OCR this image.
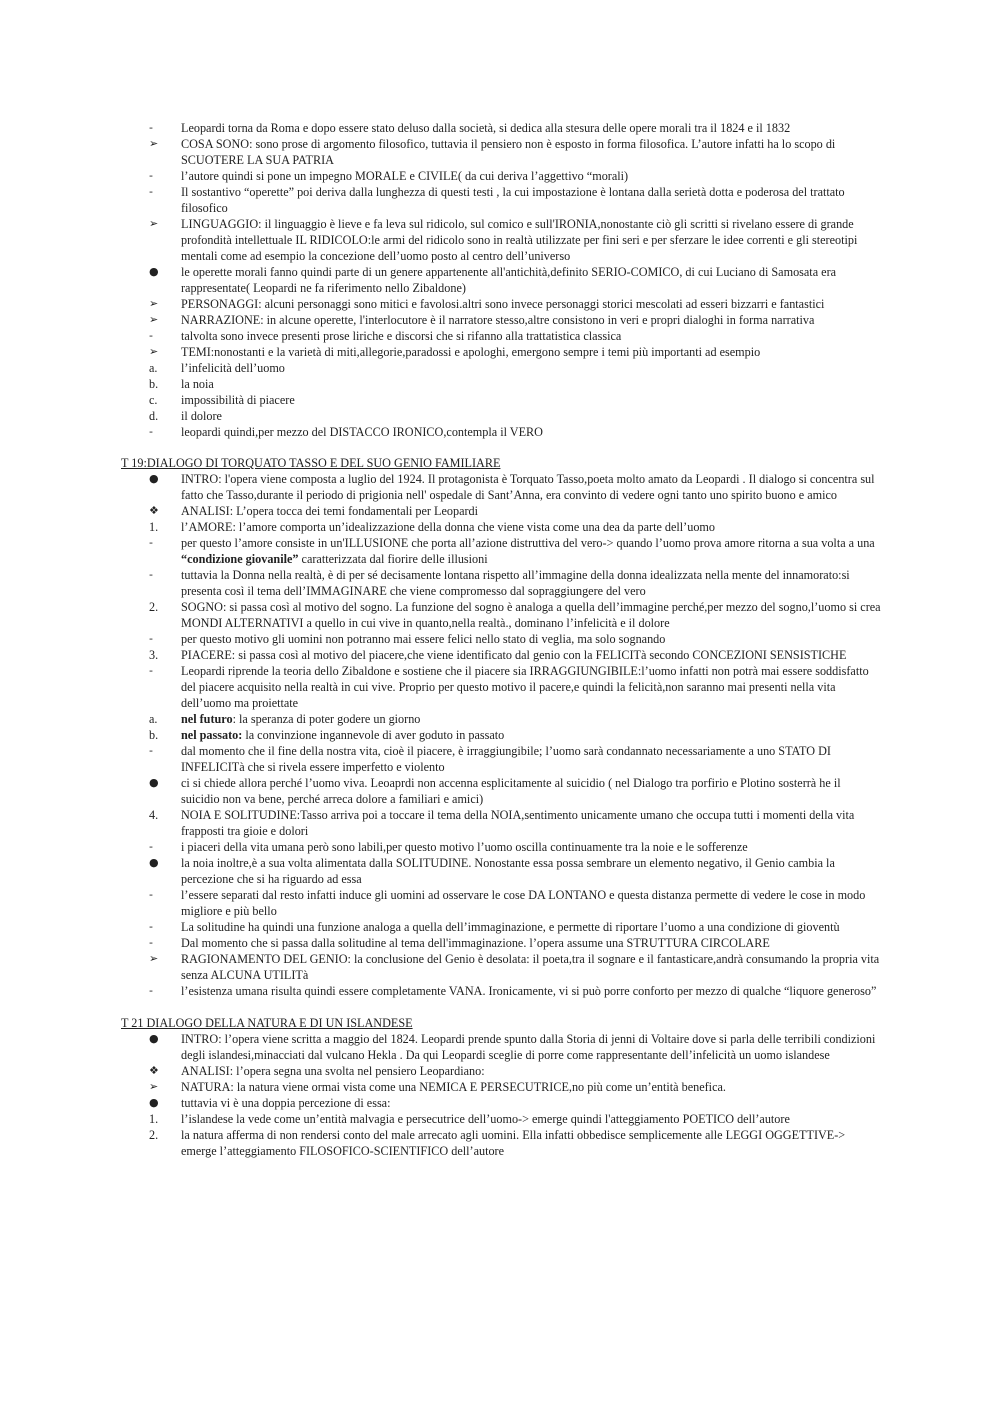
-	Leopardi torna da Roma e dopo essere stato deluso dalla società, si dedica alla stesura delle opere morali tra il 1824 e il 1832
➢	COSA SONO: sono prose di argomento filosofico, tuttavia il pensiero non è esposto in forma filosofica. L’autore infatti ha lo scopo di SCUOTERE LA SUA PATRIA
-	l’autore quindi si pone un impegno MORALE e CIVILE( da cui deriva l’aggettivo “morali)
-	Il sostantivo “operette” poi deriva dalla lunghezza di questi testi , la cui impostazione è lontana dalla serietà dotta e poderosa del trattato filosofico
➢	LINGUAGGIO: il linguaggio è lieve e fa leva sul ridicolo, sul comico e sull'IRONIA,nonostante ciò gli scritti si rivelano essere di grande profondità intellettuale IL RIDICOLO:le armi del ridicolo sono in realtà utilizzate per fini seri e per sferzare le idee correnti e gli stereotipi mentali come ad esempio la concezione dell’uomo posto al centro dell’universo
●	le operette morali fanno quindi parte di un genere appartenente all'antichità,definito SERIO-COMICO, di cui Luciano di Samosata era rappresentate( Leopardi ne fa riferimento nello Zibaldone)
➢	PERSONAGGI: alcuni personaggi sono mitici e favolosi.altri sono invece personaggi storici mescolati ad esseri bizzarri e fantastici
➢	NARRAZIONE: in alcune operette, l'interlocutore è il narratore stesso,altre consistono in veri e propri dialoghi in forma narrativa
-	talvolta sono invece presenti prose liriche e discorsi che si rifanno alla trattatistica classica
➢	TEMI:nonostanti e la varietà di miti,allegorie,paradossi e apologhi, emergono sempre i temi più importanti ad esempio
a.	l’infelicità dell’uomo
b.	la noia
c.	impossibilità di piacere
d.	il dolore
-	leopardi quindi,per mezzo del DISTACCO IRONICO,contempla il VERO
T 19:DIALOGO DI TORQUATO TASSO E DEL SUO GENIO FAMILIARE
●	INTRO: l'opera viene composta a luglio del 1924. Il protagonista è Torquato Tasso,poeta molto amato da Leopardi . Il dialogo si concentra sul fatto che Tasso,durante il periodo di prigionia nell' ospedale di Sant’Anna, era convinto di vedere ogni tanto uno spirito buono e amico
❖	ANALISI: L’opera tocca dei temi fondamentali per Leopardi
1.	l’AMORE: l’amore comporta un’idealizzazione della donna che viene vista come una dea da parte dell’uomo
-	per questo l’amore consiste in un'ILLUSIONE che porta all’azione distruttiva del vero-> quando l’uomo prova amore ritorna a sua volta a una “condizione giovanile” caratterizzata dal fiorire delle illusioni
-	tuttavia la Donna nella realtà, è di per sé decisamente lontana rispetto all’immagine della donna idealizzata nella mente del innamorato:si presenta così il tema dell’IMMAGINARE che viene compromesso dal sopraggiungere del vero
2.	SOGNO: si passa così al motivo del sogno. La funzione del sogno è analoga a quella dell’immagine perché,per mezzo del sogno,l’uomo si crea MONDI ALTERNATIVI a quello in cui vive in quanto,nella realtà., dominano l’infelicità e il dolore
-	per questo motivo gli uomini non potranno mai essere felici nello stato di veglia, ma solo sognando
3.	PIACERE: si passa così al motivo del piacere,che viene identificato dal genio con la FELICITà secondo CONCEZIONI SENSISTICHE
-	Leopardi riprende la teoria dello Zibaldone e sostiene che il piacere sia IRRAGGIUNGIBILE:l’uomo infatti non potrà mai essere soddisfatto del piacere acquisito nella realtà in cui vive. Proprio per questo motivo il pacere,e quindi la felicità,non saranno mai presenti nella vita dell’uomo ma proiettate
a.	nel futuro: la speranza di poter godere un giorno
b.	nel passato: la convinzione ingannevole di aver goduto in passato
-	dal momento che il fine della nostra vita, cioè il piacere, è irraggiungibile; l’uomo sarà condannato necessariamente a uno STATO DI INFELICITà che si rivela essere imperfetto e violento
●	ci si chiede allora perché l’uomo viva. Leoaprdi non accenna esplicitamente al suicidio ( nel Dialogo tra porfirio e Plotino sosterrà he il suicidio non va bene, perché arreca dolore a familiari e amici)
4.	NOIA E SOLITUDINE:Tasso arriva poi a toccare il tema della NOIA,sentimento unicamente umano che occupa tutti i momenti della vita frapposti tra gioie e dolori
-	i piaceri della vita umana però sono labili,per questo motivo l’uomo oscilla continuamente tra la noie e le sofferenze
●	la noia inoltre,è a sua volta alimentata dalla SOLITUDINE. Nonostante essa possa sembrare un elemento negativo, il Genio cambia la percezione che si ha riguardo ad essa
-	l’essere separati dal resto infatti induce gli uomini ad osservare le cose DA LONTANO e questa distanza permette di vedere le cose in modo migliore e più bello
-	La solitudine ha quindi una funzione analoga a quella dell’immaginazione, e permette di riportare l’uomo a una condizione di gioventù
-	Dal momento che si passa dalla solitudine al tema dell'immaginazione. l’opera assume una STRUTTURA CIRCOLARE
➢	RAGIONAMENTO DEL GENIO: la conclusione del Genio è desolata: il poeta,tra il sognare e il fantasticare,andrà consumando la propria vita senza ALCUNA UTILITà
-	l’esistenza umana risulta quindi essere completamente VANA. Ironicamente, vi si può porre conforto per mezzo di qualche “liquore generoso”
T 21 DIALOGO DELLA NATURA E DI UN ISLANDESE
●	INTRO: l’opera viene scritta a maggio del 1824. Leopardi prende spunto dalla Storia di jenni di Voltaire dove si parla delle terribili condizioni degli islandesi,minacciati dal vulcano Hekla . Da qui Leopardi sceglie di porre come rappresentante dell’infelicità un uomo islandese
❖	ANALISI: l’opera segna una svolta nel pensiero Leopardiano:
➢	NATURA: la natura viene ormai vista come una NEMICA E PERSECUTRICE,no più come un’entità benefica.
●	tuttavia vi è una doppia percezione di essa:
1.	l’islandese la vede come un’entità malvagia e persecutrice dell’uomo-> emerge quindi l'atteggiamento POETICO dell’autore
2.	la natura afferma di non rendersi conto del male arrecato agli uomini. Ella infatti obbedisce semplicemente alle LEGGI OGGETTIVE-> emerge l’atteggiamento FILOSOFICO-SCIENTIFICO dell’autore
